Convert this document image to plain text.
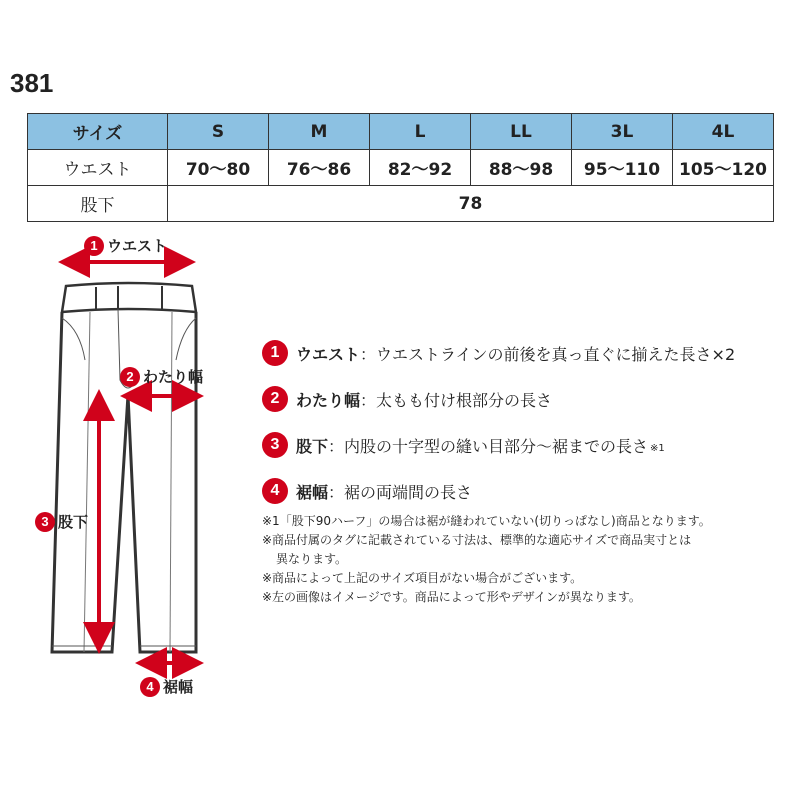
381
サイズ	S	M	L	LL	3L	4L
ウエスト	70〜80	76〜86	82〜92	88〜98	95〜110	105〜120
股下	78					
1 ウエスト
2 わたり幅
3 股下
4 裾幅
1	ウエスト ：ウエストラインの前後を真っ直ぐに揃えた長さ×2
2	わたり幅 ：太もも付け根部分の長さ
3	股下 ：内股の十字型の縫い目部分〜裾までの長さ ※1
4	裾幅 ：裾の両端間の長さ

※1「股下90ハーフ」の場合は裾が縫われていない(切りっぱなし)商品となります。

※商品付属のタグに記載されている寸法は、標準的な適応サイズで商品実寸とは

異なります。

※商品によって上記のサイズ項目がない場合がございます。

※左の画像はイメージです。商品によって形やデザインが異なります。
